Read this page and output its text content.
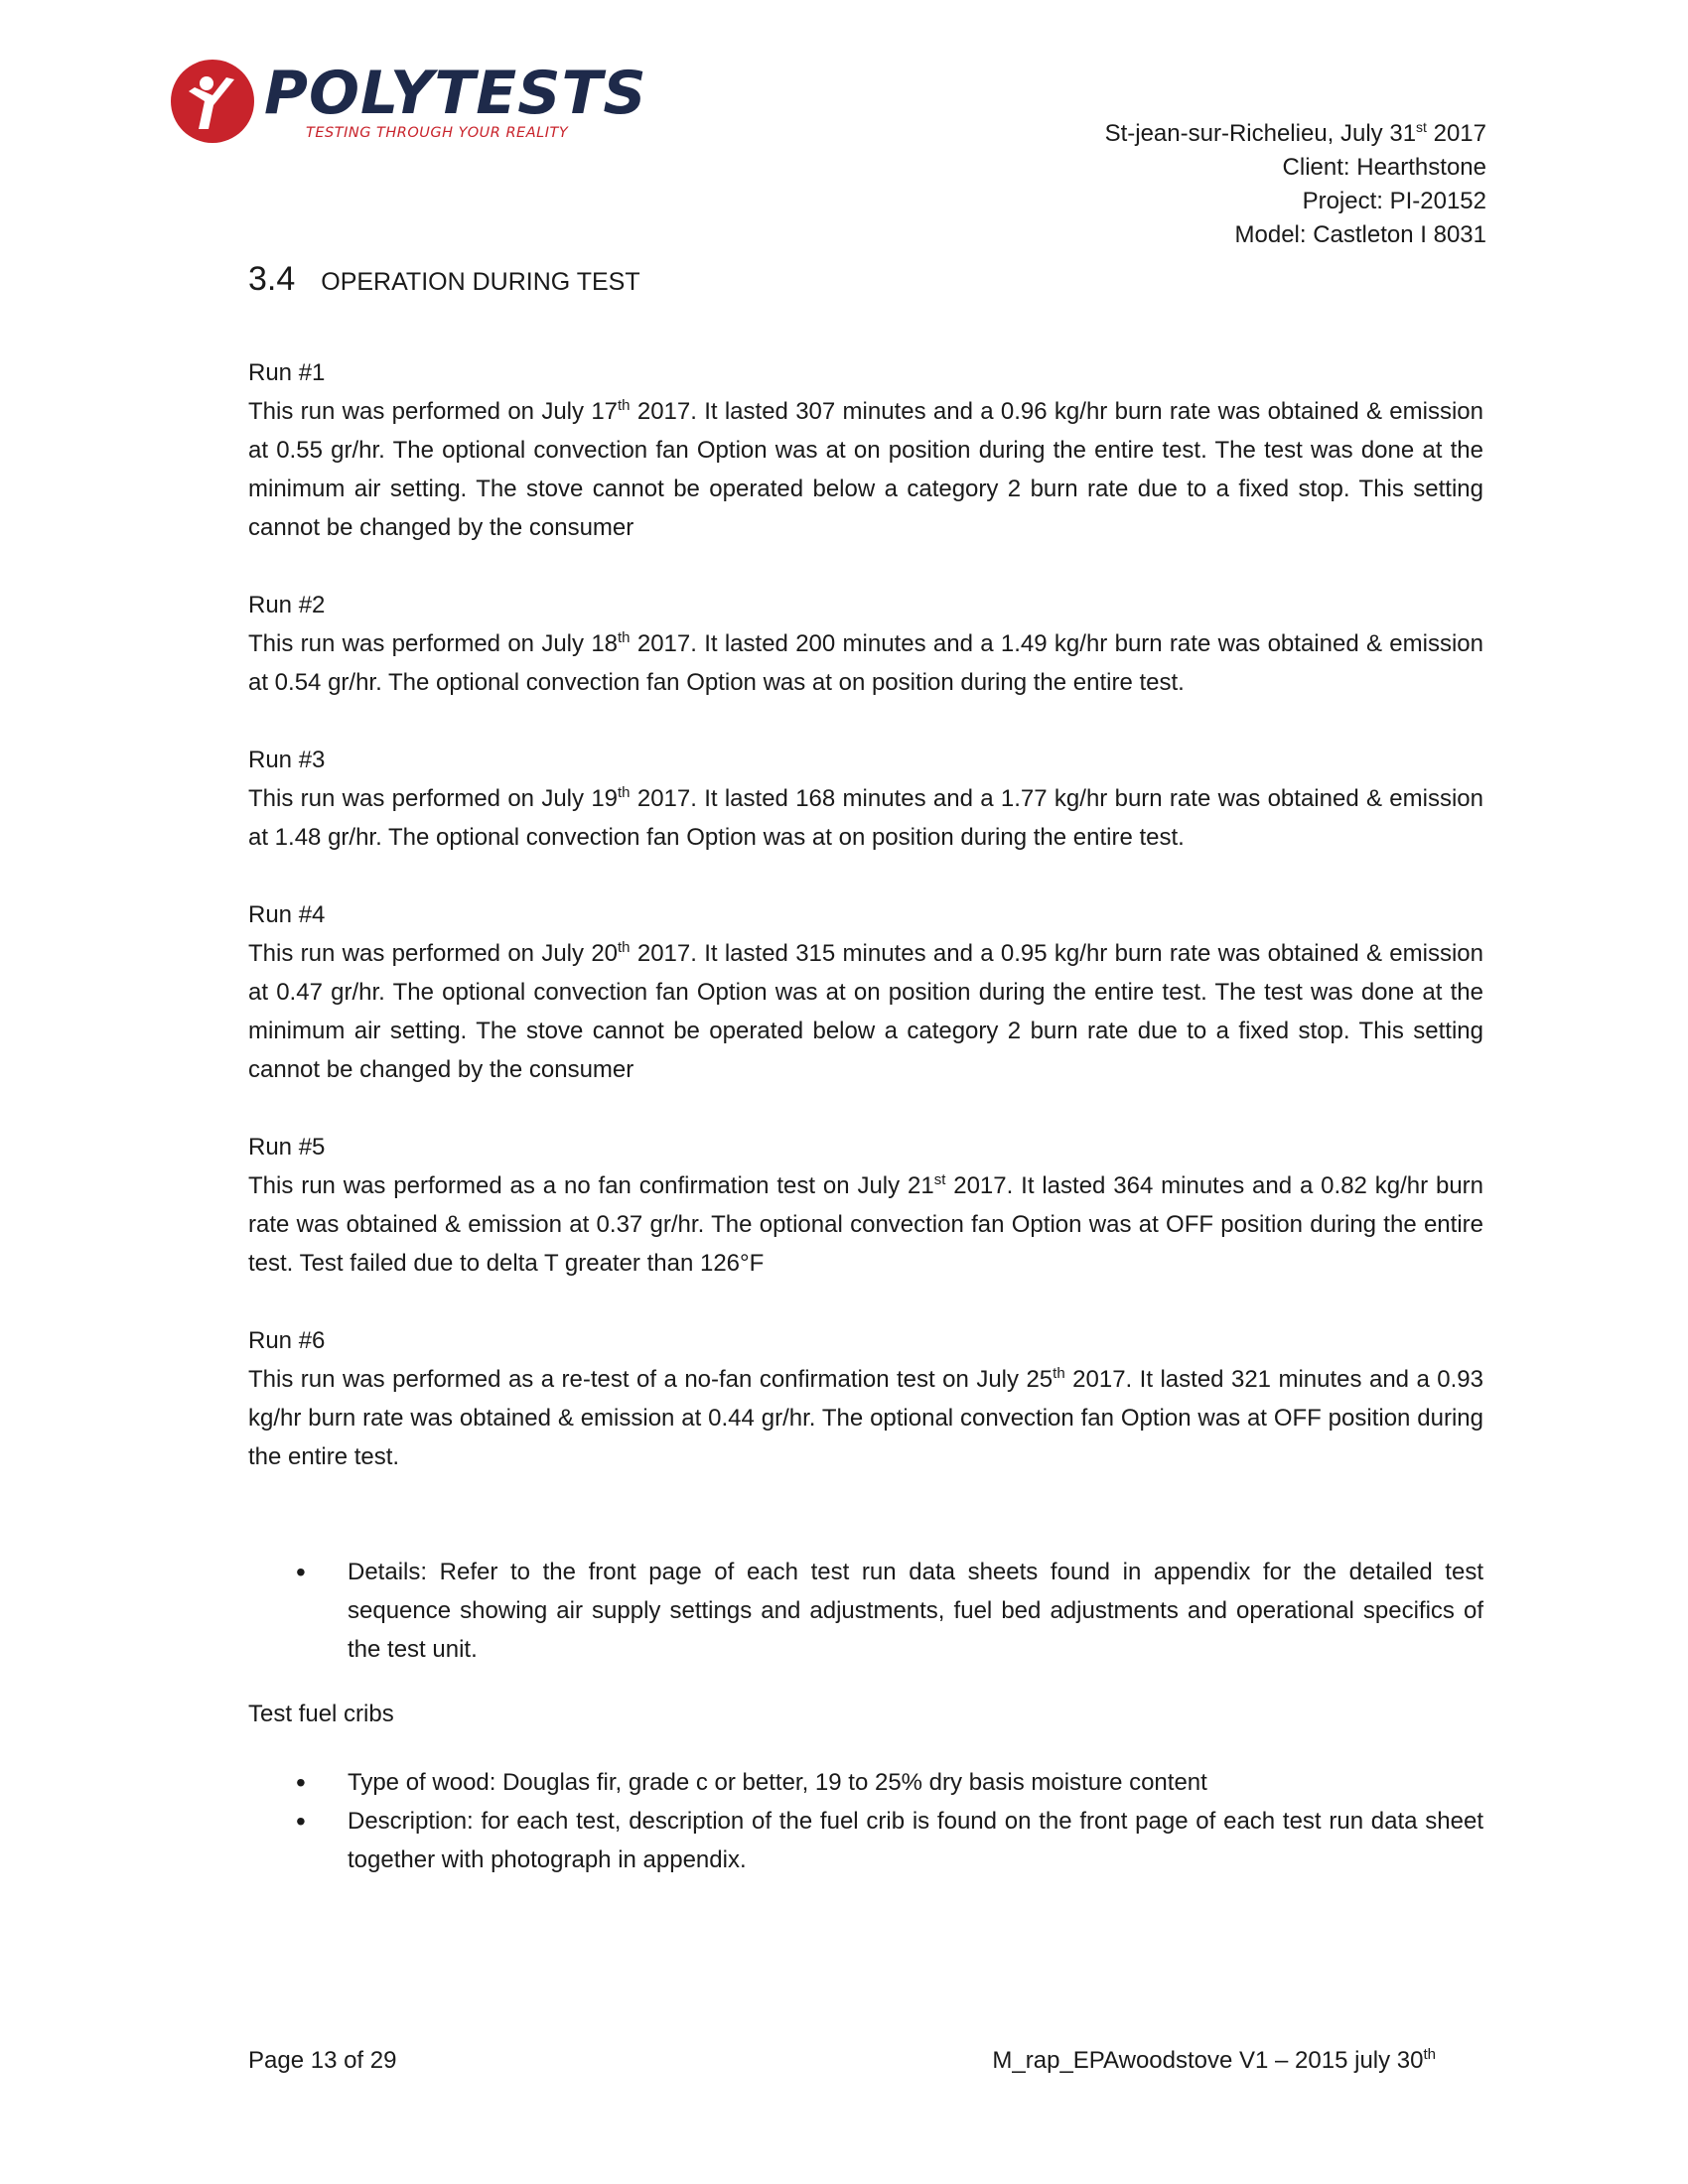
POLYTESTS
TESTING THROUGH YOUR REALITY	St-jean-sur-Richelieu, July 31st 2017
Client: Hearthstone
Project: PI-20152
Model: Castleton I 8031
3.4 OPERATION DURING TEST

Run #1

This run was performed on July 17th 2017. It lasted 307 minutes and a 0.96 kg/hr burn rate was obtained & emission at 0.55 gr/hr. The optional convection fan Option was at on position during the entire test. The test was done at the minimum air setting. The stove cannot be operated below a category 2 burn rate due to a fixed stop. This setting cannot be changed by the consumer

Run #2

This run was performed on July 18th 2017. It lasted 200 minutes and a 1.49 kg/hr burn rate was obtained & emission at 0.54 gr/hr. The optional convection fan Option was at on position during the entire test.

Run #3

This run was performed on July 19th 2017. It lasted 168 minutes and a 1.77 kg/hr burn rate was obtained & emission at 1.48 gr/hr. The optional convection fan Option was at on position during the entire test.

Run #4

This run was performed on July 20th 2017. It lasted 315 minutes and a 0.95 kg/hr burn rate was obtained & emission at 0.47 gr/hr. The optional convection fan Option was at on position during the entire test. The test was done at the minimum air setting. The stove cannot be operated below a category 2 burn rate due to a fixed stop. This setting cannot be changed by the consumer

Run #5

This run was performed as a no fan confirmation test on July 21st 2017. It lasted 364 minutes and a 0.82 kg/hr burn rate was obtained & emission at 0.37 gr/hr. The optional convection fan Option was at OFF position during the entire test. Test failed due to delta T greater than 126°F

Run #6

This run was performed as a re-test of a no-fan confirmation test on July 25th 2017. It lasted 321 minutes and a 0.93 kg/hr burn rate was obtained & emission at 0.44 gr/hr. The optional convection fan Option was at OFF position during the entire test.

• Details: Refer to the front page of each test run data sheets found in appendix for the detailed test sequence showing air supply settings and adjustments, fuel bed adjustments and operational specifics of the test unit.

Test fuel cribs

• Type of wood: Douglas fir, grade c or better, 19 to 25% dry basis moisture content
• Description: for each test, description of the fuel crib is found on the front page of each test run data sheet together with photograph in appendix.
Page 13 of 29	M_rap_EPAwoodstove V1 – 2015 july 30th
